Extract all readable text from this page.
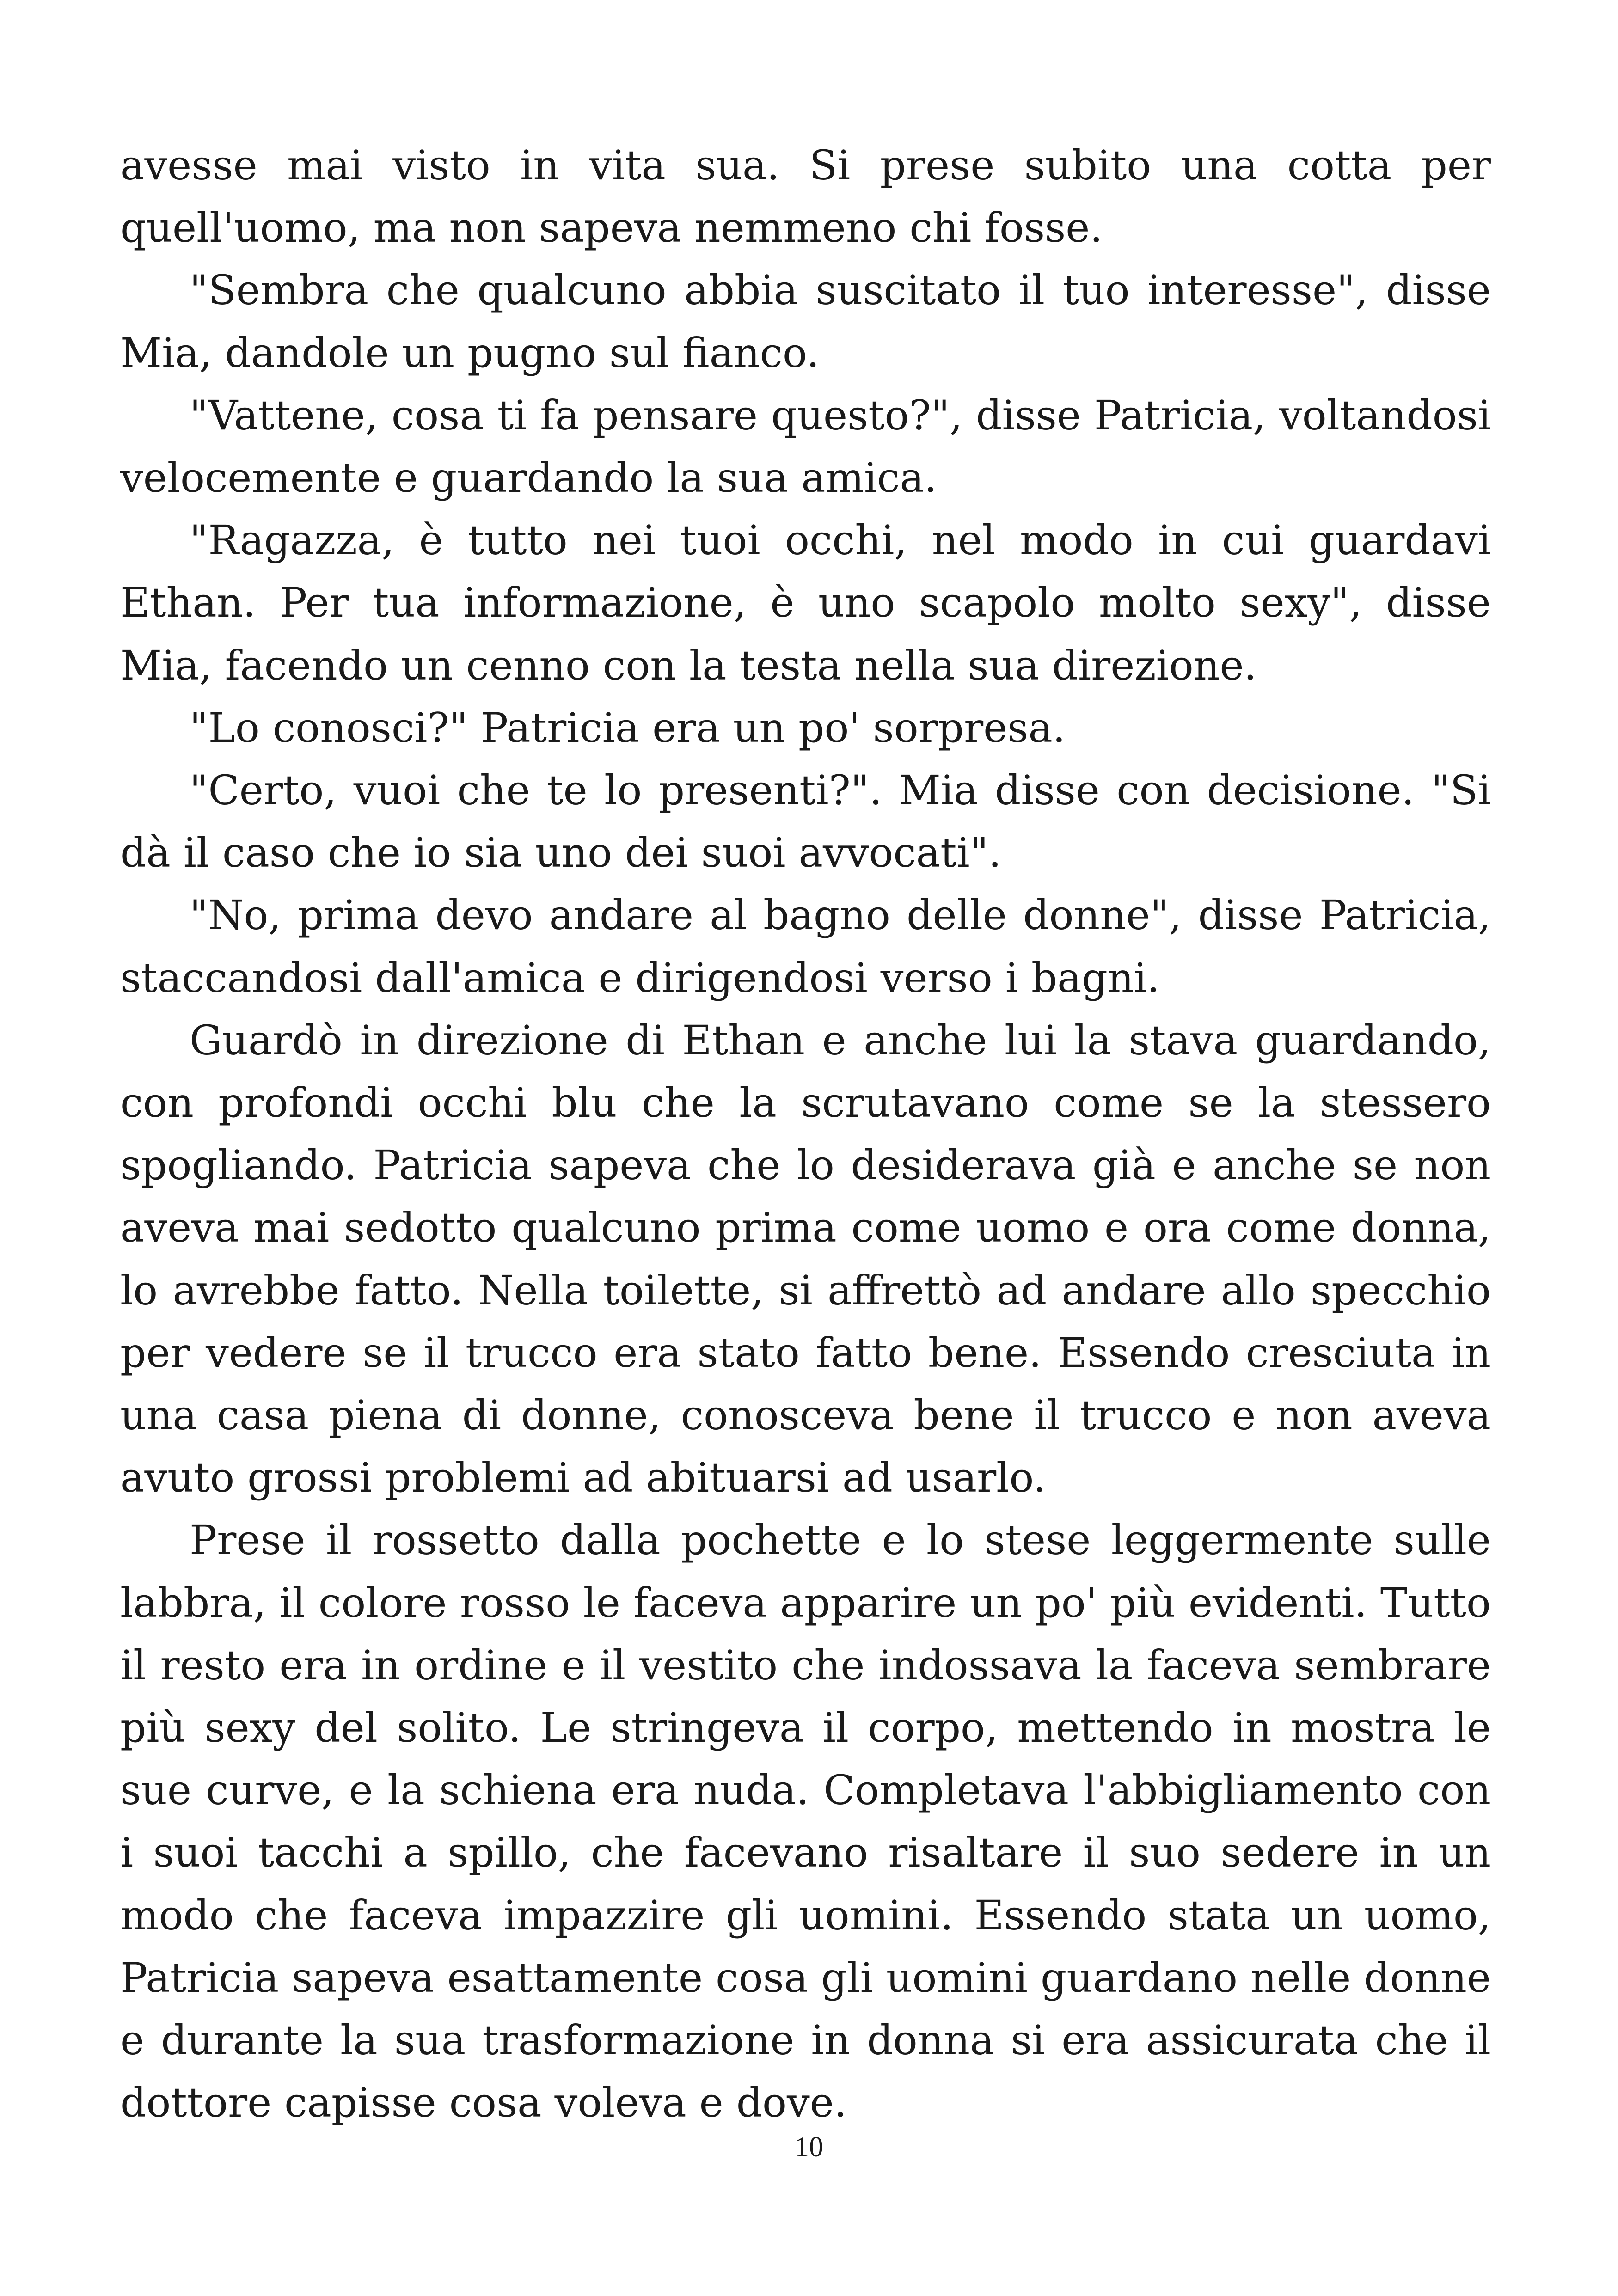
avesse mai visto in vita sua. Si prese subito una cotta per quell'uomo, ma non sapeva nemmeno chi fosse.

"Sembra che qualcuno abbia suscitato il tuo interesse", disse Mia, dandole un pugno sul fianco.

"Vattene, cosa ti fa pensare questo?", disse Patricia, voltandosi velocemente e guardando la sua amica.

"Ragazza, è tutto nei tuoi occhi, nel modo in cui guardavi Ethan. Per tua informazione, è uno scapolo molto sexy", disse Mia, facendo un cenno con la testa nella sua direzione.

"Lo conosci?" Patricia era un po' sorpresa.

"Certo, vuoi che te lo presenti?". Mia disse con decisione. "Si dà il caso che io sia uno dei suoi avvocati".

"No, prima devo andare al bagno delle donne", disse Patricia, staccandosi dall'amica e dirigendosi verso i bagni.

Guardò in direzione di Ethan e anche lui la stava guardando, con profondi occhi blu che la scrutavano come se la stessero spogliando. Patricia sapeva che lo desiderava già e anche se non aveva mai sedotto qualcuno prima come uomo e ora come donna, lo avrebbe fatto. Nella toilette, si affrettò ad andare allo specchio per vedere se il trucco era stato fatto bene. Essendo cresciuta in una casa piena di donne, conosceva bene il trucco e non aveva avuto grossi problemi ad abituarsi ad usarlo.

Prese il rossetto dalla pochette e lo stese leggermente sulle labbra, il colore rosso le faceva apparire un po' più evidenti. Tutto il resto era in ordine e il vestito che indossava la faceva sembrare più sexy del solito. Le stringeva il corpo, mettendo in mostra le sue curve, e la schiena era nuda. Completava l'abbigliamento con i suoi tacchi a spillo, che facevano risaltare il suo sedere in un modo che faceva impazzire gli uomini. Essendo stata un uomo, Patricia sapeva esattamente cosa gli uomini guardano nelle donne e durante la sua trasformazione in donna si era assicurata che il dottore capisse cosa voleva e dove.

10
